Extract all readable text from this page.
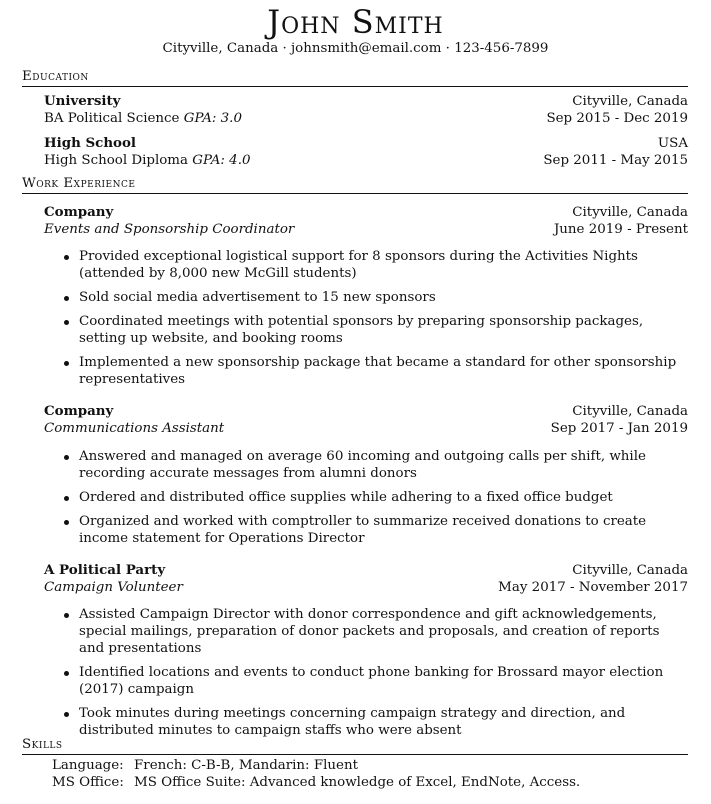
John Smith
Cityville, Canada · johnsmith@email.com · 123-456-7899
Education
University	Cityville, Canada
BA Political Science GPA: 3.0	Sep 2015 - Dec 2019
High School	USA
High School Diploma GPA: 4.0	Sep 2011 - May 2015
Work Experience
Company	Cityville, Canada
Events and Sponsorship Coordinator	June 2019 - Present
Provided exceptional logistical support for 8 sponsors during the Activities Nights (attended by 8,000 new McGill students)
Sold social media advertisement to 15 new sponsors
Coordinated meetings with potential sponsors by preparing sponsorship packages, setting up website, and booking rooms
Implemented a new sponsorship package that became a standard for other sponsorship representatives
Company	Cityville, Canada
Communications Assistant	Sep 2017 - Jan 2019
Answered and managed on average 60 incoming and outgoing calls per shift, while recording accurate messages from alumni donors
Ordered and distributed office supplies while adhering to a fixed office budget
Organized and worked with comptroller to summarize received donations to create income statement for Operations Director
A Political Party	Cityville, Canada
Campaign Volunteer	May 2017 - November 2017
Assisted Campaign Director with donor correspondence and gift acknowledgements, special mailings, preparation of donor packets and proposals, and creation of reports and presentations
Identified locations and events to conduct phone banking for Brossard mayor election (2017) campaign
Took minutes during meetings concerning campaign strategy and direction, and distributed minutes to campaign staffs who were absent
Skills
Language: French: C-B-B, Mandarin: Fluent
MS Office: MS Office Suite: Advanced knowledge of Excel, EndNote, Access.
